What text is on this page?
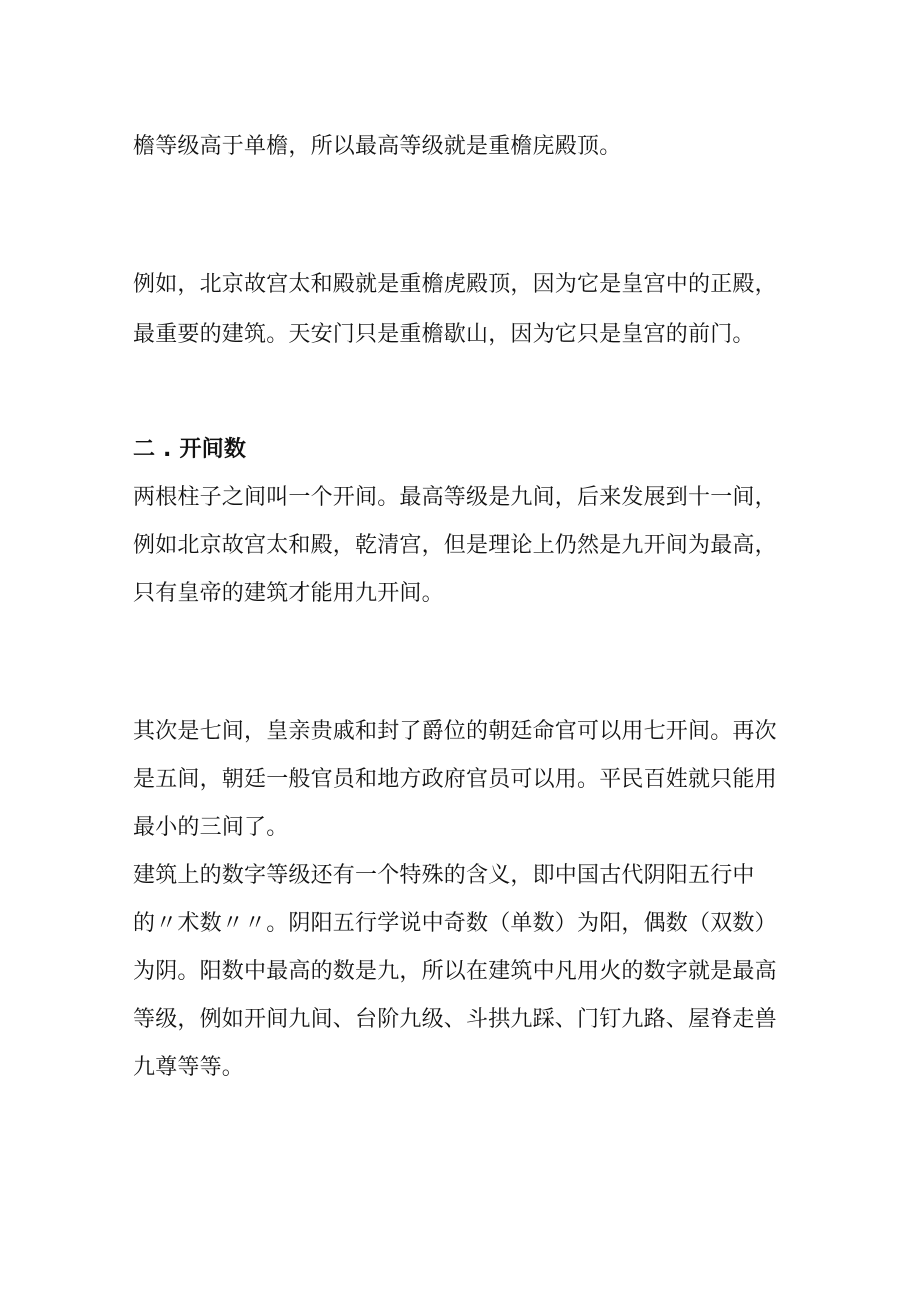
檐等级高于单檐，所以最高等级就是重檐庑殿顶。
例如，北京故宫太和殿就是重檐虎殿顶，因为它是皇宫中的正殿，
最重要的建筑。天安门只是重檐歇山，因为它只是皇宫的前门。
二 . 开间数
两根柱子之间叫一个开间。最高等级是九间，后来发展到十一间，
例如北京故宫太和殿，乾清宫，但是理论上仍然是九开间为最高，
只有皇帝的建筑才能用九开间。
其次是七间，皇亲贵戚和封了爵位的朝廷命官可以用七开间。再次
是五间，朝廷一般官员和地方政府官员可以用。平民百姓就只能用
最小的三间了。
建筑上的数字等级还有一个特殊的含义，即中国古代阴阳五行中
的〃术数〃〃。阴阳五行学说中奇数（单数）为阳，偶数（双数）
为阴。阳数中最高的数是九，所以在建筑中凡用火的数字就是最高
等级，例如开间九间、台阶九级、斗拱九踩、门钉九路、屋脊走兽
九尊等等。
